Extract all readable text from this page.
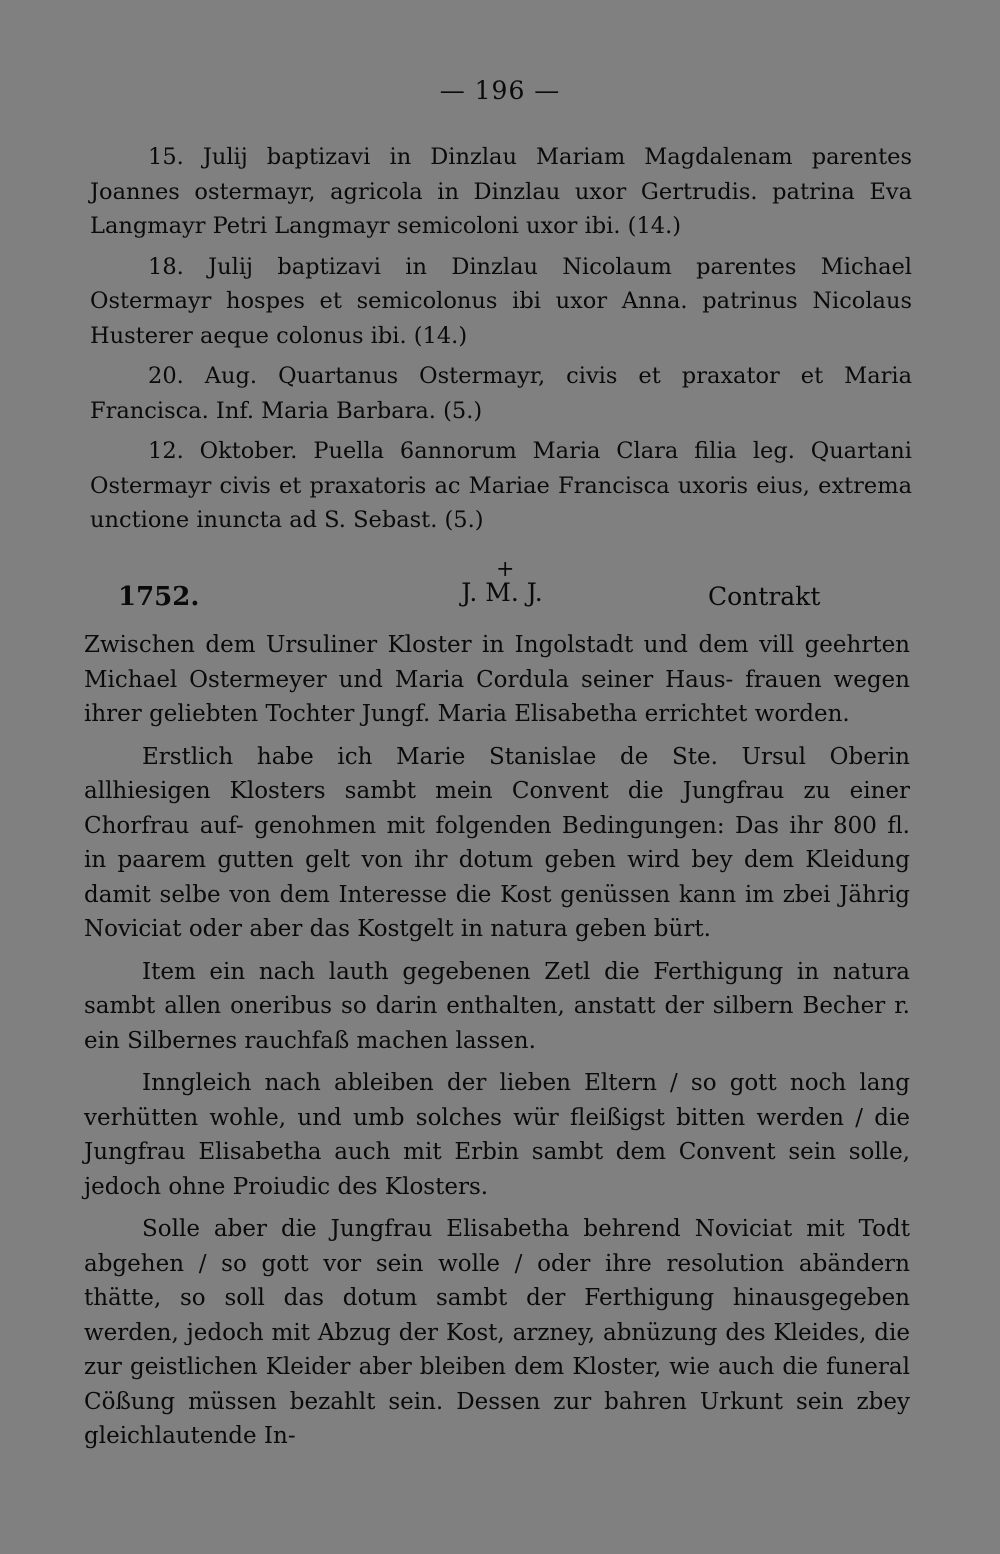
— 196 —

15. Julij baptizavi in Dinzlau Mariam Magdalenam parentes Joannes ostermayr, agricola in Dinzlau uxor Gertrudis. patrina Eva Langmayr Petri Langmayr semicoloni uxor ibi. (14.)

18. Julij baptizavi in Dinzlau Nicolaum parentes Michael Ostermayr hospes et semicolonus ibi uxor Anna. patrinus Nicolaus Husterer aeque colonus ibi. (14.)

20. Aug. Quartanus Ostermayr, civis et praxator et Maria Francisca. Inf. Maria Barbara. (5.)

12. Oktober. Puella 6annorum Maria Clara filia leg. Quartani Ostermayr civis et praxatoris ac Mariae Francisca uxoris eius, extrema unctione inuncta ad S. Sebast. (5.)

1752.
+
J. M. J.	Contrakt

Zwischen dem Ursuliner Kloster in Ingolstadt und dem vill geehrten Michael Ostermeyer und Maria Cordula seiner Haus- frauen wegen ihrer geliebten Tochter Jungf. Maria Elisabetha errichtet worden.

Erstlich habe ich Marie Stanislae de Ste. Ursul Oberin allhiesigen Klosters sambt mein Convent die Jungfrau zu einer Chorfrau auf- genohmen mit folgenden Bedingungen: Das ihr 800 fl. in paarem gutten gelt von ihr dotum geben wird bey dem Kleidung damit selbe von dem Interesse die Kost genüssen kann im zbei Jährig Noviciat oder aber das Kostgelt in natura geben bürt.

Item ein nach lauth gegebenen Zetl die Ferthigung in natura sambt allen oneribus so darin enthalten, anstatt der silbern Becher r. ein Silbernes rauchfaß machen lassen.

Inngleich nach ableiben der lieben Eltern / so gott noch lang verhütten wohle, und umb solches wür fleißigst bitten werden / die Jungfrau Elisabetha auch mit Erbin sambt dem Convent sein solle, jedoch ohne Proiudic des Klosters.

Solle aber die Jungfrau Elisabetha behrend Noviciat mit Todt abgehen / so gott vor sein wolle / oder ihre resolution abändern thätte, so soll das dotum sambt der Ferthigung hinausgegeben werden, jedoch mit Abzug der Kost, arzney, abnüzung des Kleides, die zur geistlichen Kleider aber bleiben dem Kloster, wie auch die funeral Cößung müssen bezahlt sein. Dessen zur bahren Urkunt sein zbey gleichlautende In-
